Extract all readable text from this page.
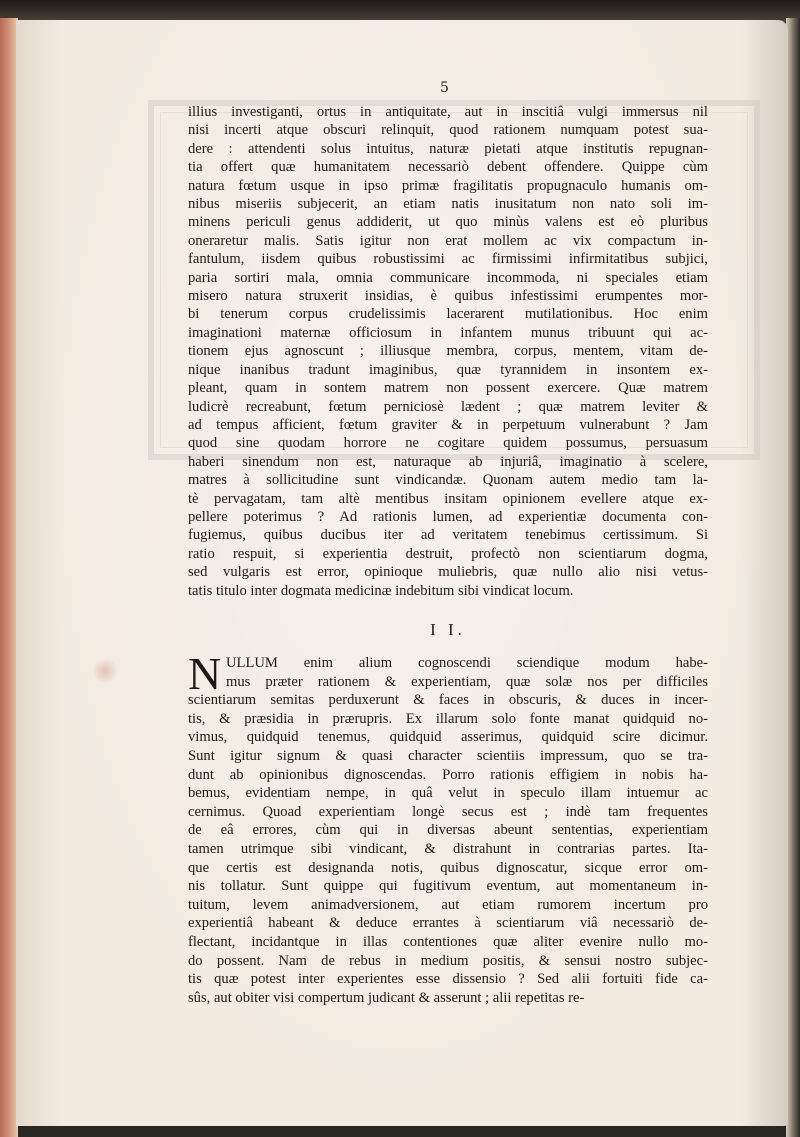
5
illius investiganti, ortus in antiquitate, aut in inscitiâ vulgi immersus nil
nisi incerti atque obscuri relinquit, quod rationem numquam potest sua-
dere : attendenti solus intuitus, naturæ pietati atque institutis repugnan-
tia offert quæ humanitatem necessariò debent offendere. Quippe cùm
natura fœtum usque in ipso primæ fragilitatis propugnaculo humanis om-
nibus miseriis subjecerit, an etiam natis inusitatum non nato soli im-
minens periculi genus addiderit, ut quo minùs valens est eò pluribus
oneraretur malis. Satis igitur non erat mollem ac vix compactum in-
fantulum, iisdem quibus robustissimi ac firmissimi infirmitatibus subjici,
paria sortiri mala, omnia communicare incommoda, ni speciales etiam
misero natura struxerit insidias, è quibus infestissimi erumpentes mor-
bi tenerum corpus crudelissimis lacerarent mutilationibus. Hoc enim
imaginationi maternæ officiosum in infantem munus tribuunt qui ac-
tionem ejus agnoscunt ; illiusque membra, corpus, mentem, vitam de-
nique inanibus tradunt imaginibus, quæ tyrannidem in insontem ex-
pleant, quam in sontem matrem non possent exercere. Quæ matrem
ludicrè recreabunt, fœtum perniciosè lædent ; quæ matrem leviter &
ad tempus afficient, fœtum graviter & in perpetuum vulnerabunt ? Jam
quod sine quodam horrore ne cogitare quidem possumus, persuasum
haberi sinendum non est, naturaque ab injuriâ, imaginatio à scelere,
matres à sollicitudine sunt vindicandæ. Quonam autem medio tam la-
tè pervagatam, tam altè mentibus insitam opinionem evellere atque ex-
pellere poterimus ? Ad rationis lumen, ad experientiæ documenta con-
fugiemus, quibus ducibus iter ad veritatem tenebimus certissimum. Si
ratio respuit, si experientia destruit, profectò non scientiarum dogma,
sed vulgaris est error, opinioque muliebris, quæ nullo alio nisi vetus-
tatis titulo inter dogmata medicinæ indebitum sibi vindicat locum.
I I.
N ULLUM enim alium cognoscendi sciendique modum habe-
mus præter rationem & experientiam, quæ solæ nos per difficiles
scientiarum semitas perduxerunt & faces in obscuris, & duces in incer-
tis, & præsidia in prærupris. Ex illarum solo fonte manat quidquid no-
vimus, quidquid tenemus, quidquid asserimus, quidquid scire dicimur.
Sunt igitur signum & quasi character scientiis impressum, quo se tra-
dunt ab opinionibus dignoscendas. Porro rationis effigiem in nobis ha-
bemus, evidentiam nempe, in quâ velut in speculo illam intuemur ac
cernimus. Quoad experientiam longè secus est ; indè tam frequentes
de eâ errores, cùm qui in diversas abeunt sententias, experientiam
tamen utrimque sibi vindicant, & distrahunt in contrarias partes. Ita-
que certis est designanda notis, quibus dignoscatur, sicque error om-
nis tollatur. Sunt quippe qui fugitivum eventum, aut momentaneum in-
tuitum, levem animadversionem, aut etiam rumorem incertum pro
experientiâ habeant & deduce errantes à scientiarum viâ necessariò de-
flectant, incidantque in illas contentiones quæ aliter evenire nullo mo-
do possent. Nam de rebus in medium positis, & sensui nostro subjec-
tis quæ potest inter experientes esse dissensio ? Sed alii fortuiti fide ca-
sûs, aut obiter visi compertum judicant & asserunt ; alii repetitas re-
